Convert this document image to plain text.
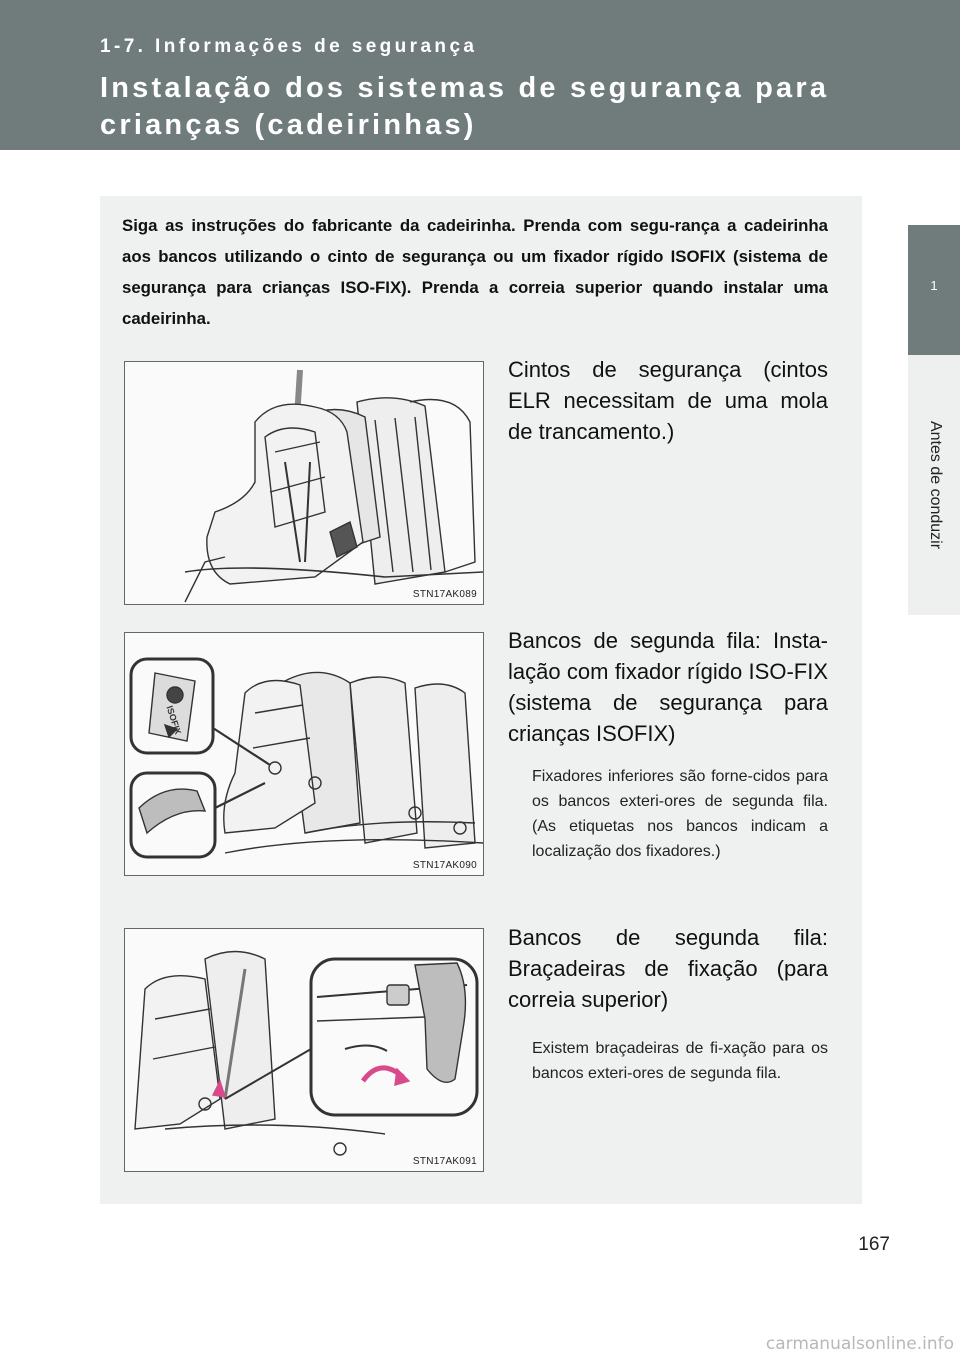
1-7. Informações de segurança
Instalação dos sistemas de segurança para crianças (cadeirinhas)
1
Antes de conduzir
Siga as instruções do fabricante da cadeirinha. Prenda com segu-rança a cadeirinha aos bancos utilizando o cinto de segurança ou um fixador rígido ISOFIX (sistema de segurança para crianças ISO-FIX). Prenda a correia superior quando instalar uma cadeirinha.
STN17AK089
Cintos de segurança (cintos ELR necessitam de uma mola de trancamento.)
ISOFIX
STN17AK090
Bancos de segunda fila: Insta-lação com fixador rígido ISO-FIX (sistema de segurança para crianças ISOFIX)
Fixadores inferiores são forne-cidos para os bancos exteri-ores de segunda fila. (As etiquetas nos bancos indicam a localização dos fixadores.)
STN17AK091
Bancos de segunda fila: Braçadeiras de fixação (para correia superior)
Existem braçadeiras de fi-xação para os bancos exteri-ores de segunda fila.
167
carmanualsonline.info
